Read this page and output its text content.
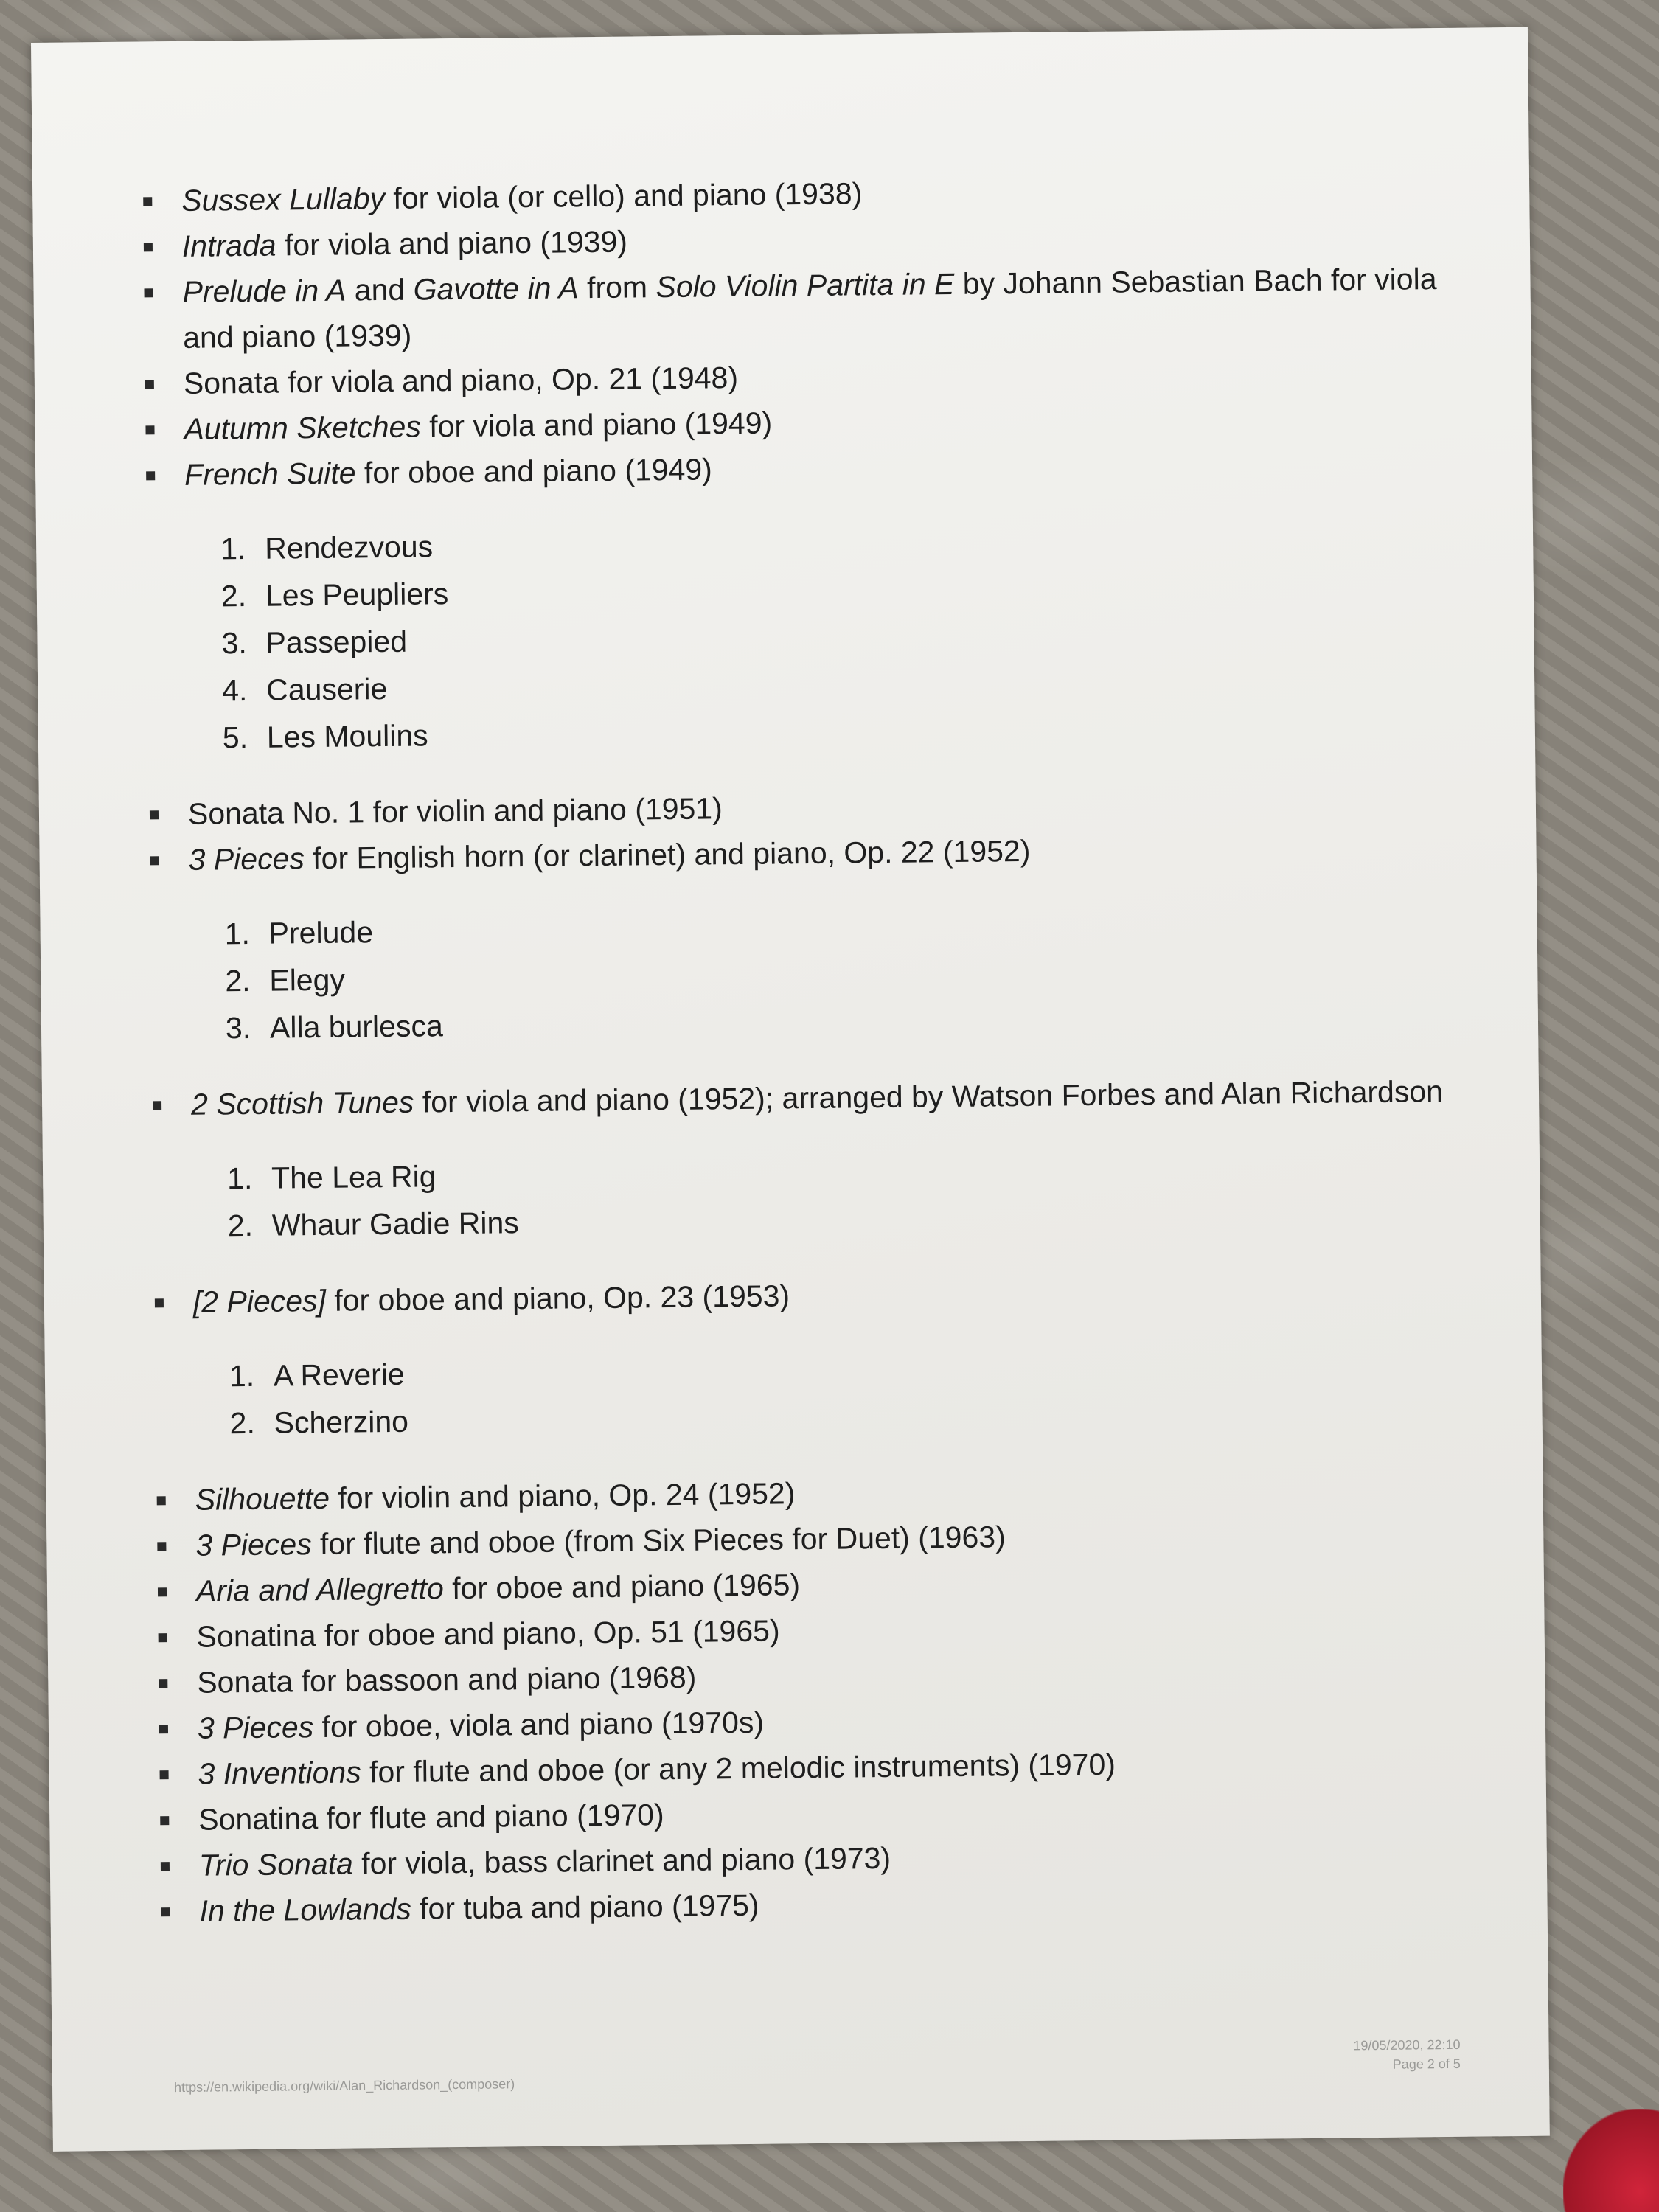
Sussex Lullaby for viola (or cello) and piano (1938)
Intrada for viola and piano (1939)
Prelude in A and Gavotte in A from Solo Violin Partita in E by Johann Sebastian Bach for viola and piano (1939)
Sonata for viola and piano, Op. 21 (1948)
Autumn Sketches for viola and piano (1949)
French Suite for oboe and piano (1949)
1. Rendezvous
2. Les Peupliers
3. Passepied
4. Causerie
5. Les Moulins
Sonata No. 1 for violin and piano (1951)
3 Pieces for English horn (or clarinet) and piano, Op. 22 (1952)
1. Prelude
2. Elegy
3. Alla burlesca
2 Scottish Tunes for viola and piano (1952); arranged by Watson Forbes and Alan Richardson
1. The Lea Rig
2. Whaur Gadie Rins
[2 Pieces] for oboe and piano, Op. 23 (1953)
1. A Reverie
2. Scherzino
Silhouette for violin and piano, Op. 24 (1952)
3 Pieces for flute and oboe (from Six Pieces for Duet) (1963)
Aria and Allegretto for oboe and piano (1965)
Sonatina for oboe and piano, Op. 51 (1965)
Sonata for bassoon and piano (1968)
3 Pieces for oboe, viola and piano (1970s)
3 Inventions for flute and oboe (or any 2 melodic instruments) (1970)
Sonatina for flute and piano (1970)
Trio Sonata for viola, bass clarinet and piano (1973)
In the Lowlands for tuba and piano (1975)
https://en.wikipedia.org/wiki/Alan_Richardson_(composer)
19/05/2020, 22:10
Page 2 of 5
